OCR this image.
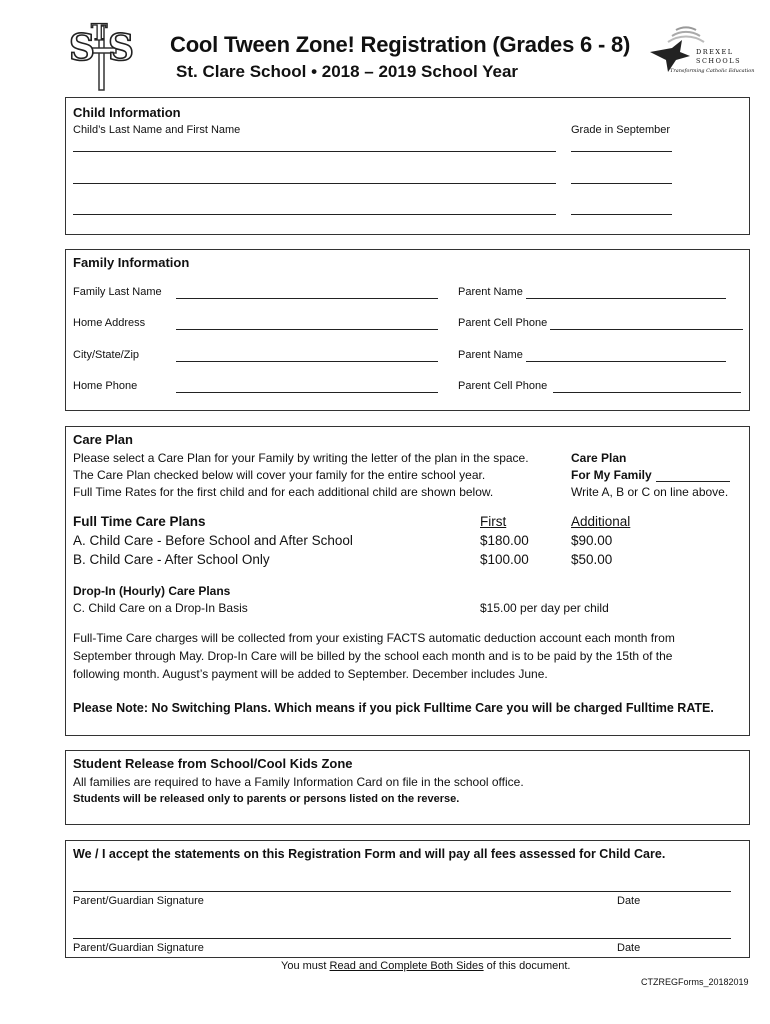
S S
T	Cool Tween Zone! Registration (Grades 6 - 8)
St. Clare School • 2018 – 2019 School Year
DREXEL
SCHOOLS
Transforming Catholic Education
Child Information
Child’s Last Name and First Name	Grade in September
Family Information
Family Last Name	Parent Name
Home Address	Parent Cell Phone
City/State/Zip	Parent Name
Home Phone	Parent Cell Phone
Care Plan
Please select a Care Plan for your Family by writing the letter of the plan in the space.
The Care Plan checked below will cover your family for the entire school year.
Full Time Rates for the first child and for each additional child are shown below.
Care Plan
For My Family
Write A, B or C on line above.
Full Time Care Plans	First	Additional
A. Child Care - Before School and After School	$180.00	$90.00
B. Child Care - After School Only	$100.00	$50.00
Drop-In (Hourly) Care Plans
C. Child Care on a Drop-In Basis	$15.00 per day per child
Full-Time Care charges will be collected from your existing FACTS automatic deduction account each month from
September through May. Drop-In Care will be billed by the school each month and is to be paid by the 15th of the
following month. August’s payment will be added to September. December includes June.
Please Note: No Switching Plans. Which means if you pick Fulltime Care you will be charged Fulltime RATE.
Student Release from School/Cool Kids Zone
All families are required to have a Family Information Card on file in the school office.
Students will be released only to parents or persons listed on the reverse.
We / I accept the statements on this Registration Form and will pay all fees assessed for Child Care.
Parent/Guardian Signature	Date
Parent/Guardian Signature	Date
You must Read and Complete Both Sides of this document.
CTZREGForms_20182019
